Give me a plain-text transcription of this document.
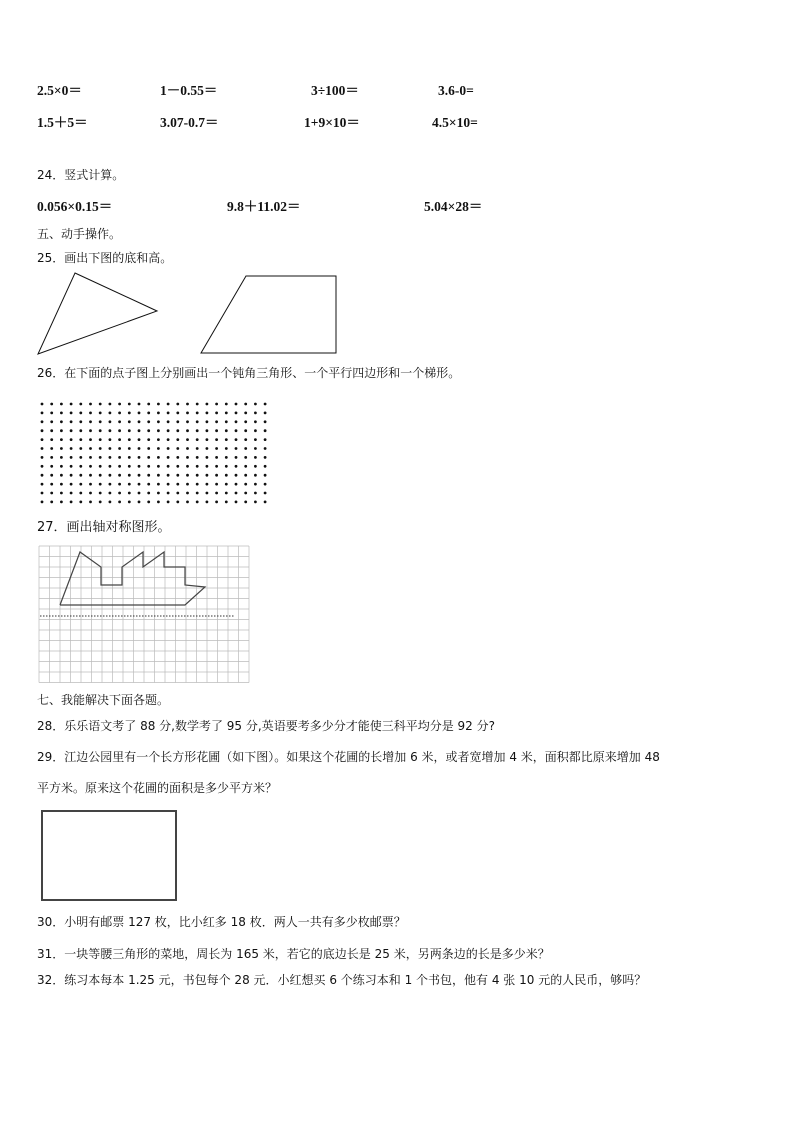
2.5×0＝	1－0.55＝	3÷100＝	3.6-0=
1.5＋5＝	3.07-0.7＝	1+9×10＝	4.5×10=
24．竖式计算。
0.056×0.15＝	9.8＋11.02＝	5.04×28＝
五、动手操作。
25．画出下图的底和高。
26．在下面的点子图上分别画出一个钝角三角形、一个平行四边形和一个梯形。
27．画出轴对称图形。
七、我能解决下面各题。
28．乐乐语文考了 88 分,数学考了 95 分,英语要考多少分才能使三科平均分是 92 分?
29．江边公园里有一个长方形花圃（如下图）。如果这个花圃的长增加 6 米，或者宽增加 4 米，面积都比原来增加 48
平方米。原来这个花圃的面积是多少平方米？
30．小明有邮票 127 枚，比小红多 18 枚．两人一共有多少枚邮票？
31．一块等腰三角形的菜地，周长为 165 米，若它的底边长是 25 米，另两条边的长是多少米？
32．练习本每本 1.25 元，书包每个 28 元．小红想买 6 个练习本和 1 个书包，他有 4 张 10 元的人民币，够吗？
